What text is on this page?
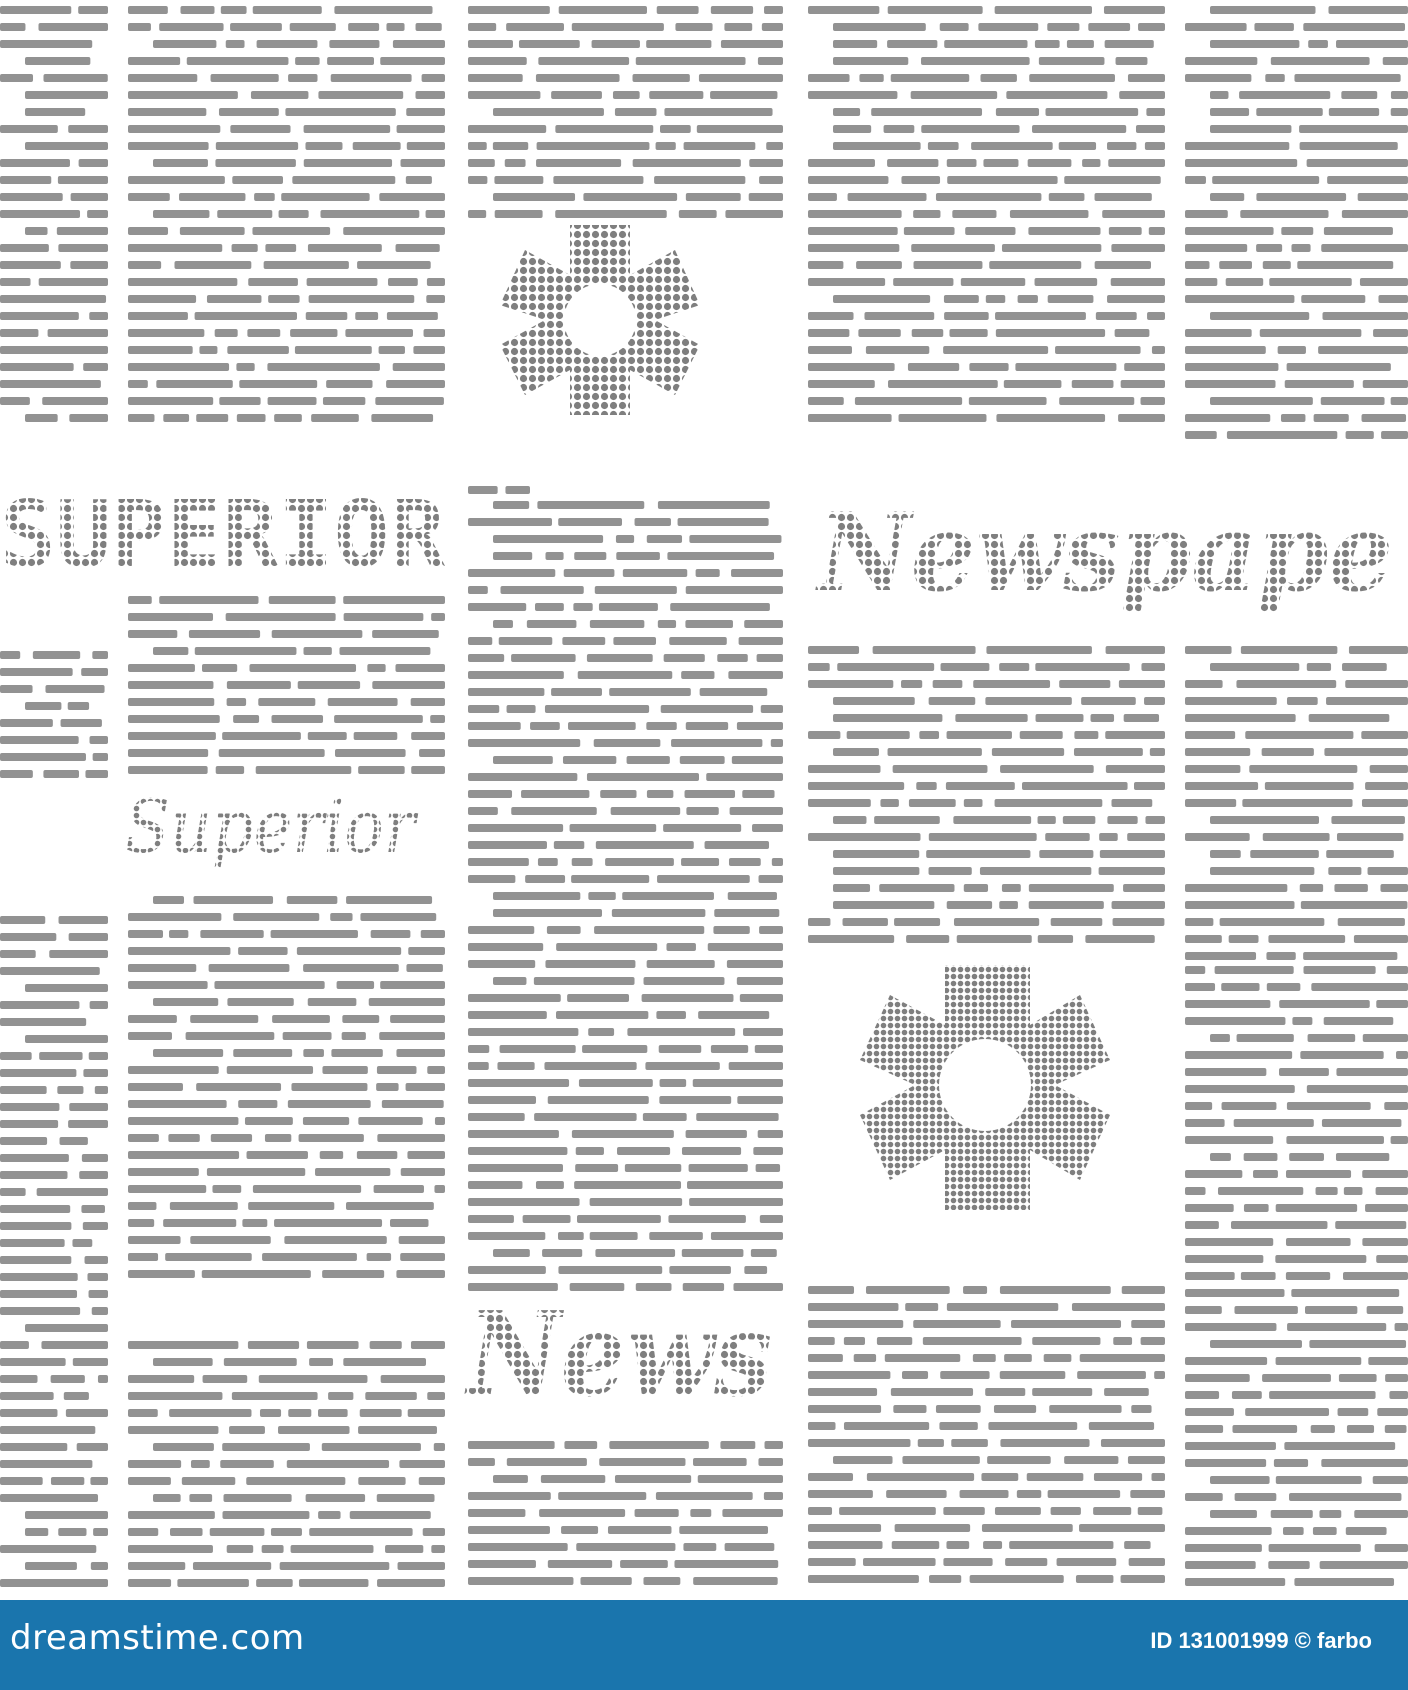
SUPERIOR	Newspape
Superior
News
dreamstime.com	ID 131001999 © farbo
